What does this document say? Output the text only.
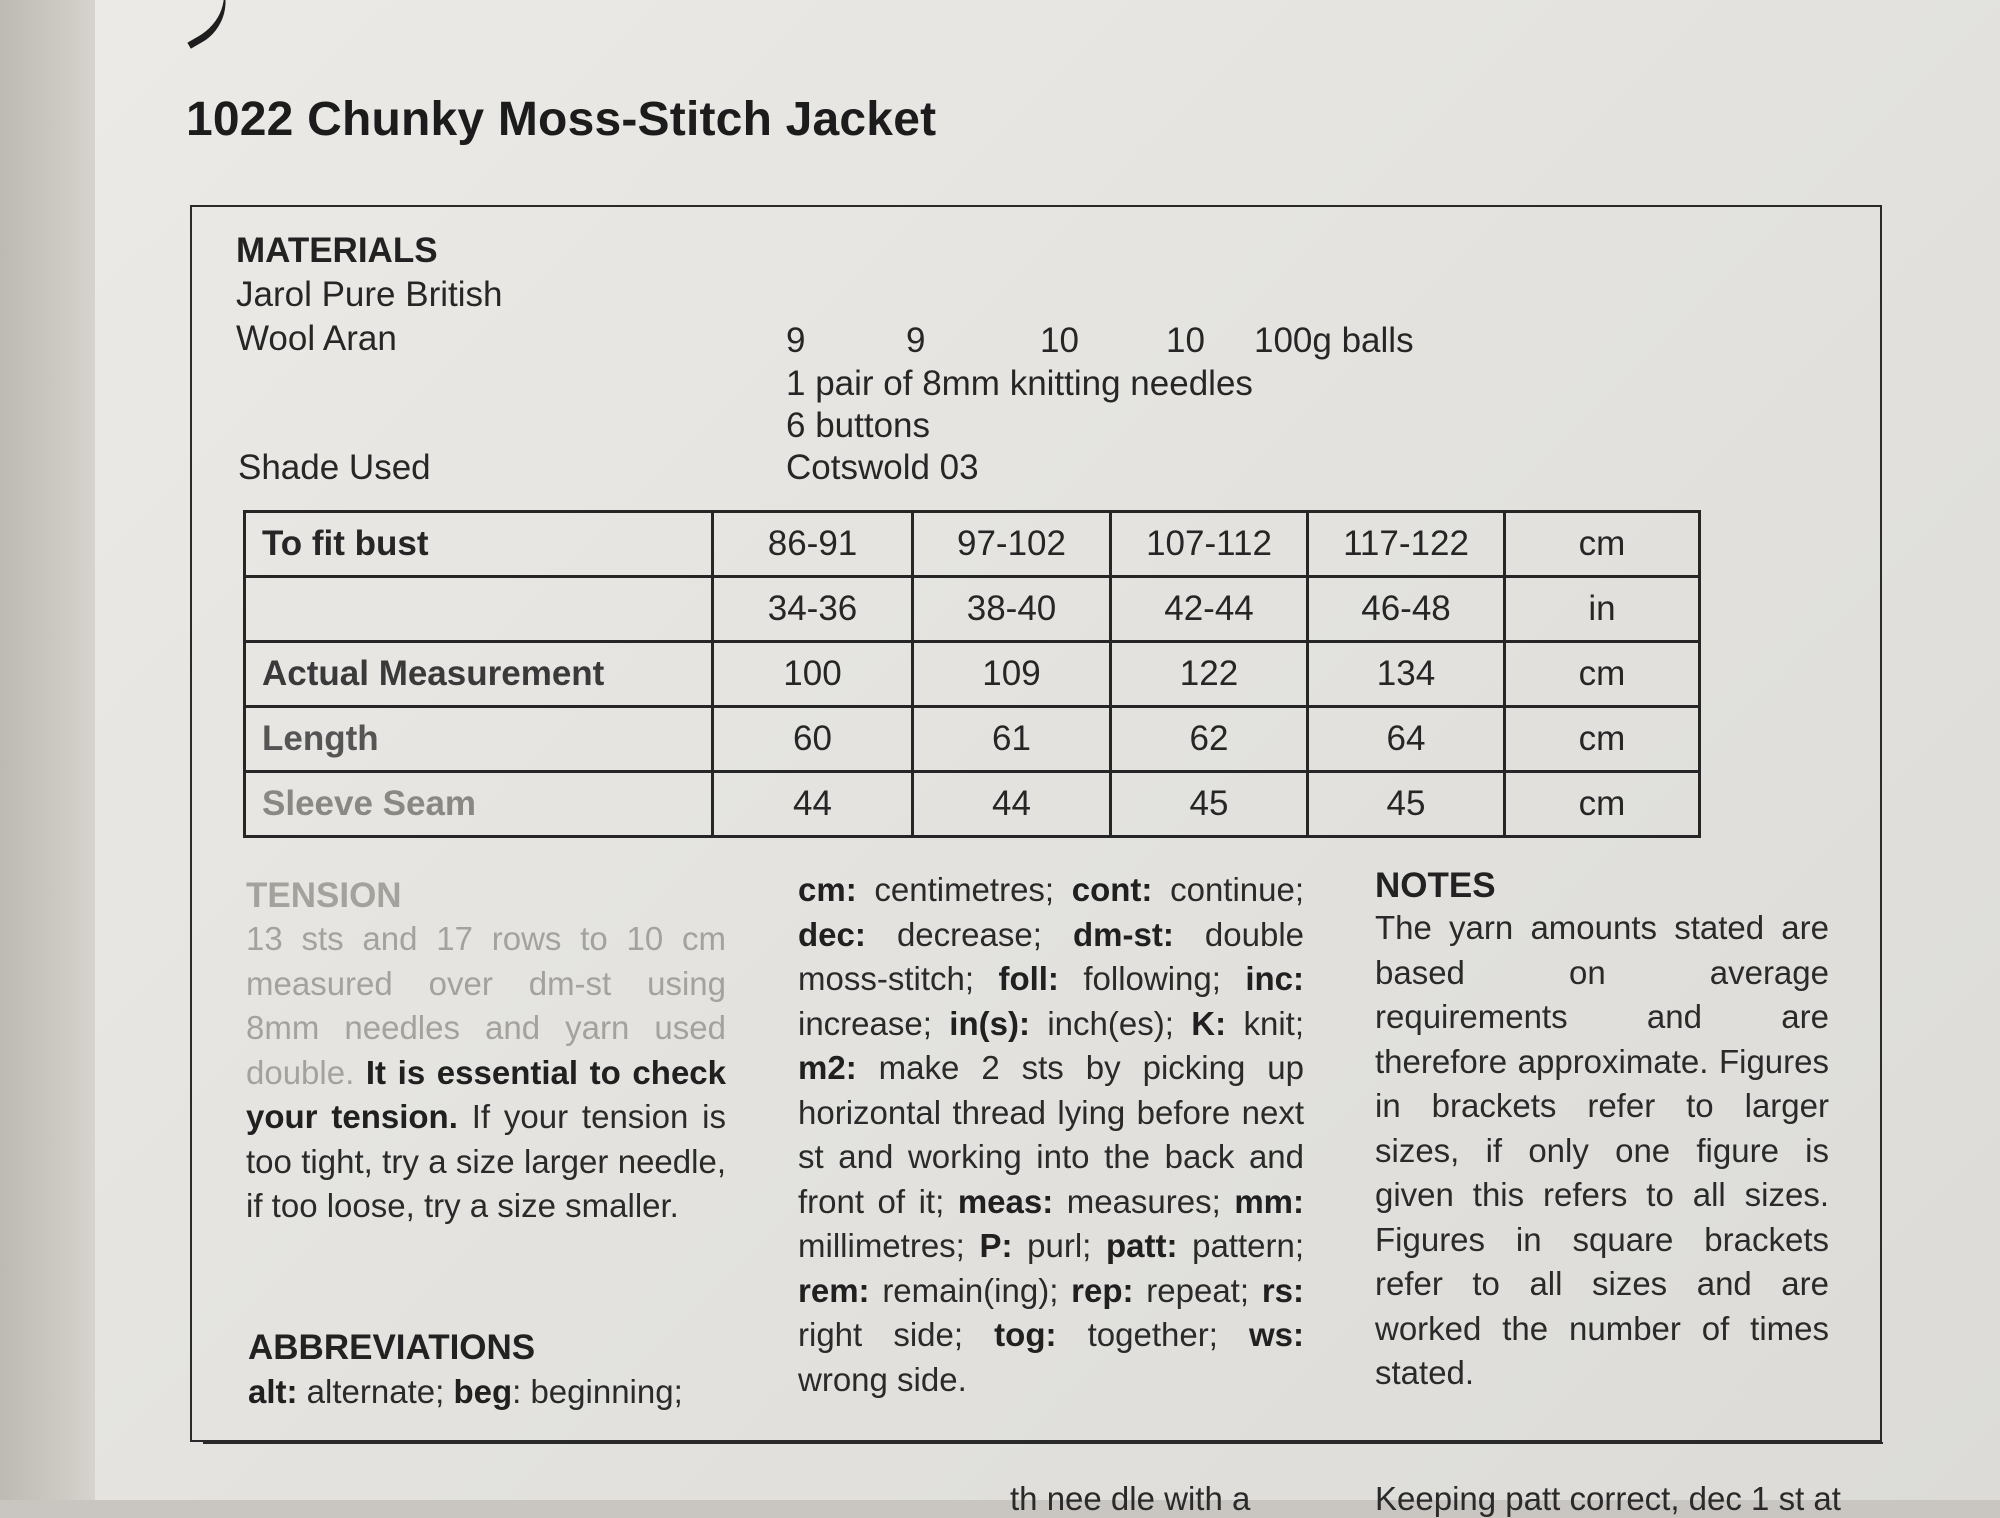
1022 Chunky Moss-Stitch Jacket
MATERIALS
Jarol Pure British
Wool Aran	9	9	10 10 100g balls
1 pair of 8mm knitting needles
6 buttons
Shade Used	Cotswold 03
To fit bust	86-91	97-102	107-112	117-122	cm
	34-36	38-40	42-44	46-48	in
Actual Measurement	100	109	122	134	cm
Length	60	61	62	64	cm
Sleeve Seam	44	44	45	45	cm
TENSION
13 sts and 17 rows to 10 cm measured over dm-st using 8mm needles and yarn used double. It is essential to check your tension. If your tension is too tight, try a size larger needle, if too loose, try a size smaller.
ABBREVIATIONS
alt: alternate; beg: beginning;
cm: centimetres; cont: continue; dec: decrease; dm-st: double moss-stitch; foll: following; inc: increase; in(s): inch(es); K: knit; m2: make 2 sts by picking up horizontal thread lying before next st and working into the back and front of it; meas: measures; mm: millimetres; P: purl; patt: pattern; rem: remain(ing); rep: repeat; rs: right side; tog: together; ws: wrong side.
NOTES
The yarn amounts stated are based on average requirements and are therefore approximate. Figures in brackets refer to larger sizes, if only one figure is given this refers to all sizes. Figures in square brackets refer to all sizes and are worked the number of times stated.
th nee dle with a	Keeping patt correct, dec 1 st at
